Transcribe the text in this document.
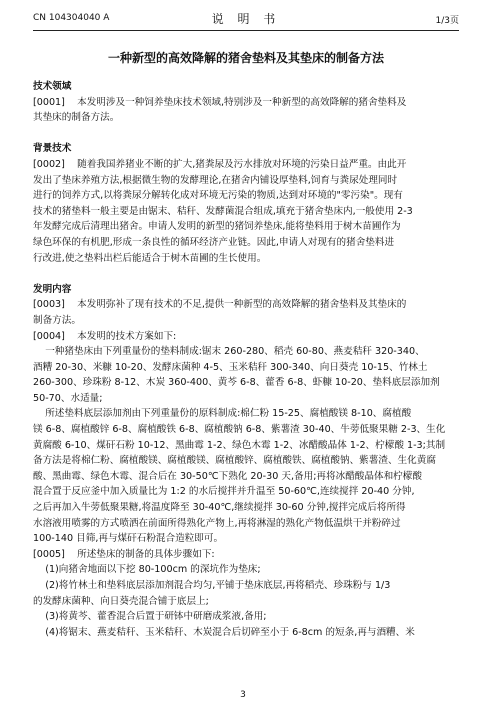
CN 104304040 A	说 明 书	1/3页
一种新型的高效降解的猪舍垫料及其垫床的制备方法

技术领域

[0001]    本发明涉及一种饲养垫床技术领域,特别涉及一种新型的高效降解的猪舍垫料及

其垫床的制备方法。

背景技术

[0002]    随着我国养猪业不断的扩大,猪粪尿及污水排放对环境的污染日益严重。由此开

发出了垫床养殖方法,根据微生物的发酵理论,在猪舍内铺设厚垫料,饲育与粪尿处理同时

进行的饲养方式,以将粪尿分解转化成对环境无污染的物质,达到对环境的"零污染"。现有

技术的猪垫料一般主要是由锯末、秸秆、发酵菌混合组成,填充于猪舍垫床内,一般使用 2-3

年发酵完成后清理出猪舍。申请人发明的新型的猪饲养垫床,能将垫料用于树木苗圃作为

绿色环保的有机肥,形成一条良性的循环经济产业链。因此,申请人对现有的猪舍垫料进

行改进,使之垫料出栏后能适合于树木苗圃的生长使用。

发明内容

[0003]    本发明弥补了现有技术的不足,提供一种新型的高效降解的猪舍垫料及其垫床的

制备方法。

[0004]    本发明的技术方案如下:

一种猪垫床由下列重量份的垫料制成:锯末 260-280、稻壳 60-80、燕麦秸秆 320-340、

酒糟 20-30、米糠 10-20、发酵床菌种 4-5、玉米秸秆 300-340、向日葵壳 10-15、竹林土

260-300、珍珠粉 8-12、木炭 360-400、黄芩 6-8、藿香 6-8、虾糠 10-20、垫料底层添加剂

50-70、水适量;

所述垫料底层添加剂由下列重量份的原料制成:棉仁粉 15-25、腐植酸镁 8-10、腐植酸

镁 6-8、腐植酸锌 6-8、腐植酸铁 6-8、腐植酸钠 6-8、紫薯渣 30-40、牛蒡低聚果糖 2-3、生化

黄腐酸 6-10、煤矸石粉 10-12、黑曲霉 1-2、绿色木霉 1-2、冰醋酸晶体 1-2、柠檬酸 1-3;其制

备方法是将棉仁粉、腐植酸镁、腐植酸镁、腐植酸锌、腐植酸铁、腐植酸钠、紫薯渣、生化黄腐

酸、黑曲霉、绿色木霉、混合后在 30-50℃下熟化 20-30 天,备用;再将冰醋酸晶体和柠檬酸

混合置于反应釜中加入质量比为 1:2 的水后搅拌并升温至 50-60℃,连续搅拌 20-40 分钟,

之后再加入牛蒡低聚果糖,将温度降至 30-40℃,继续搅拌 30-60 分钟,搅拌完成后将所得

水溶液用喷雾的方式喷洒在前面所得熟化产物上,再将淋湿的熟化产物低温烘干并粉碎过

100-140 目筛,再与煤矸石粉混合造粒即可。

[0005]    所述垫床的制备的具体步骤如下:

(1)向猪舍地面以下挖 80-100cm 的深坑作为垫床;

(2)将竹林土和垫料底层添加剂混合均匀,平铺于垫床底层,再将稻壳、珍珠粉与 1/3

的发酵床菌种、向日葵壳混合铺于底层上;

(3)将黄芩、藿香混合后置于研钵中研磨成浆液,备用;

(4)将锯末、燕麦秸秆、玉米秸秆、木炭混合后切碎至小于 6-8cm 的短条,再与酒糟、米

3
